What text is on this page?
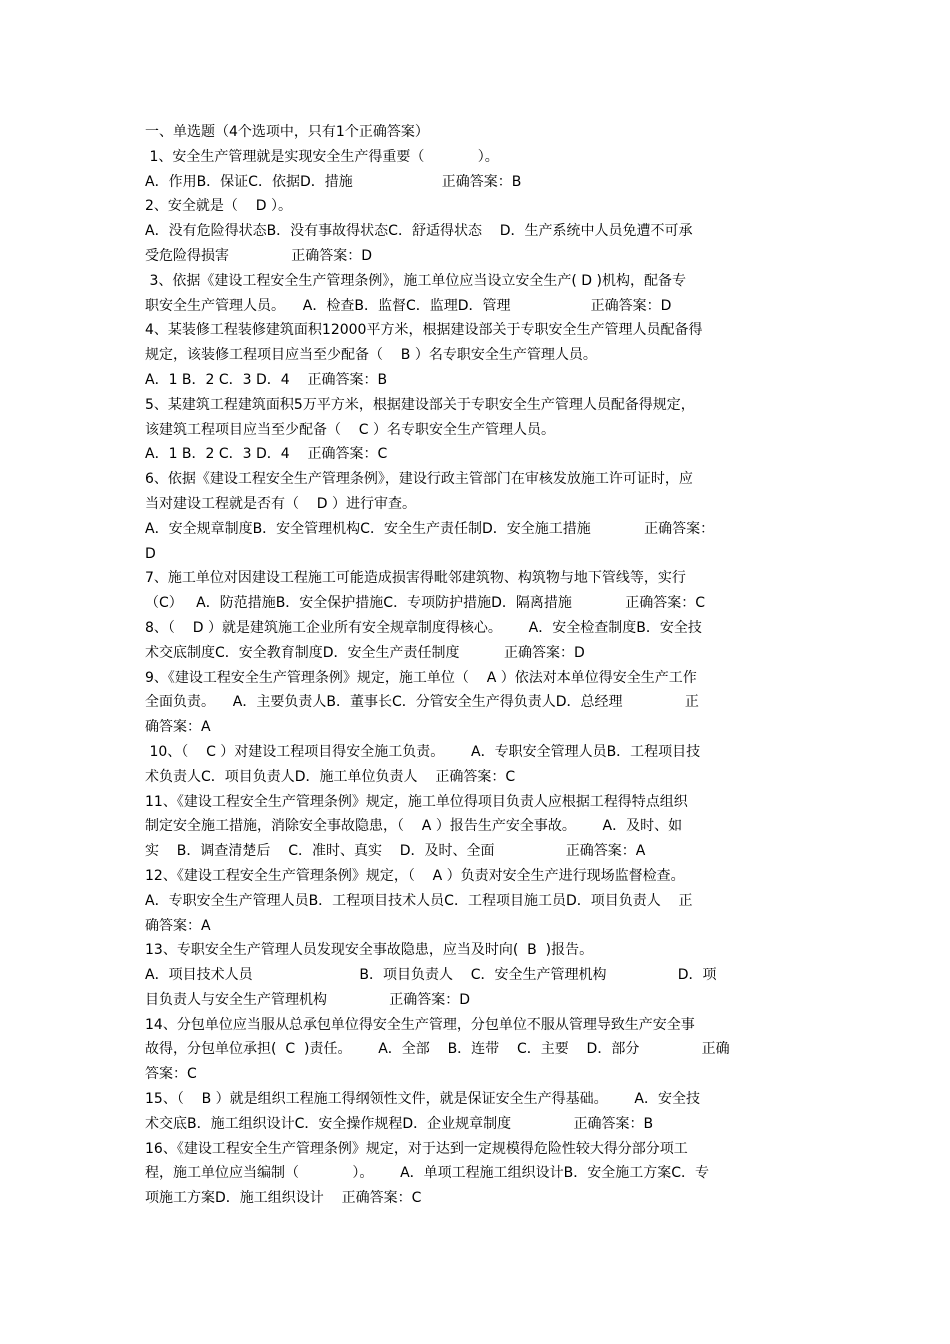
一、单选题（4个选项中，只有1个正确答案）
1、安全生产管理就是实现安全生产得重要（            ）。
A．作用B．保证C．依据D．措施                    正确答案：B
2、安全就是（    D ）。
A．没有危险得状态B．没有事故得状态C．舒适得状态    D．生产系统中人员免遭不可承
受危险得损害              正确答案：D
3、依据《建设工程安全生产管理条例》，施工单位应当设立安全生产( D )机构，配备专
职安全生产管理人员。    A．检查B．监督C．监理D．管理                  正确答案：D
4、某装修工程装修建筑面积12000平方米，根据建设部关于专职安全生产管理人员配备得
规定，该装修工程项目应当至少配备（    B ）名专职安全生产管理人员。
A．1 B．2 C．3 D．4    正确答案：B
5、某建筑工程建筑面积5万平方米，根据建设部关于专职安全生产管理人员配备得规定，
该建筑工程项目应当至少配备（    C ）名专职安全生产管理人员。
A．1 B．2 C．3 D．4    正确答案：C
6、依据《建设工程安全生产管理条例》，建设行政主管部门在审核发放施工许可证时，应
当对建设工程就是否有（    D ）进行审查。
A．安全规章制度B．安全管理机构C．安全生产责任制D．安全施工措施            正确答案：
D
7、施工单位对因建设工程施工可能造成损害得毗邻建筑物、构筑物与地下管线等，实行
（C）   A．防范措施B．安全保护措施C．专项防护措施D．隔离措施            正确答案：C
8、（    D ）就是建筑施工企业所有安全规章制度得核心。      A．安全检查制度B．安全技
术交底制度C．安全教育制度D．安全生产责任制度          正确答案：D
9、《建设工程安全生产管理条例》规定，施工单位（    A ）依法对本单位得安全生产工作
全面负责。    A．主要负责人B．董事长C．分管安全生产得负责人D．总经理              正
确答案：A
10、（    C ）对建设工程项目得安全施工负责。      A．专职安全管理人员B．工程项目技
术负责人C．项目负责人D．施工单位负责人    正确答案：C
11、《建设工程安全生产管理条例》规定，施工单位得项目负责人应根据工程得特点组织
制定安全施工措施，消除安全事故隐患，（    A ）报告生产安全事故。      A．及时、如
实    B．调查清楚后    C．准时、真实    D．及时、全面                正确答案：A
12、《建设工程安全生产管理条例》规定，（    A ）负责对安全生产进行现场监督检查。
A．专职安全生产管理人员B．工程项目技术人员C．工程项目施工员D．项目负责人    正
确答案：A
13、专职安全生产管理人员发现安全事故隐患，应当及时向(  B  )报告。
A．项目技术人员                        B．项目负责人    C．安全生产管理机构                D．项
目负责人与安全生产管理机构              正确答案：D
14、分包单位应当服从总承包单位得安全生产管理，分包单位不服从管理导致生产安全事
故得，分包单位承担(  C  )责任。      A．全部    B．连带    C．主要    D．部分              正确
答案：C
15、（    B ）就是组织工程施工得纲领性文件，就是保证安全生产得基础。      A．安全技
术交底B．施工组织设计C．安全操作规程D．企业规章制度              正确答案：B
16、《建设工程安全生产管理条例》规定，对于达到一定规模得危险性较大得分部分项工
程，施工单位应当编制（            ）。      A．单项工程施工组织设计B．安全施工方案C．专
项施工方案D．施工组织设计    正确答案：C
